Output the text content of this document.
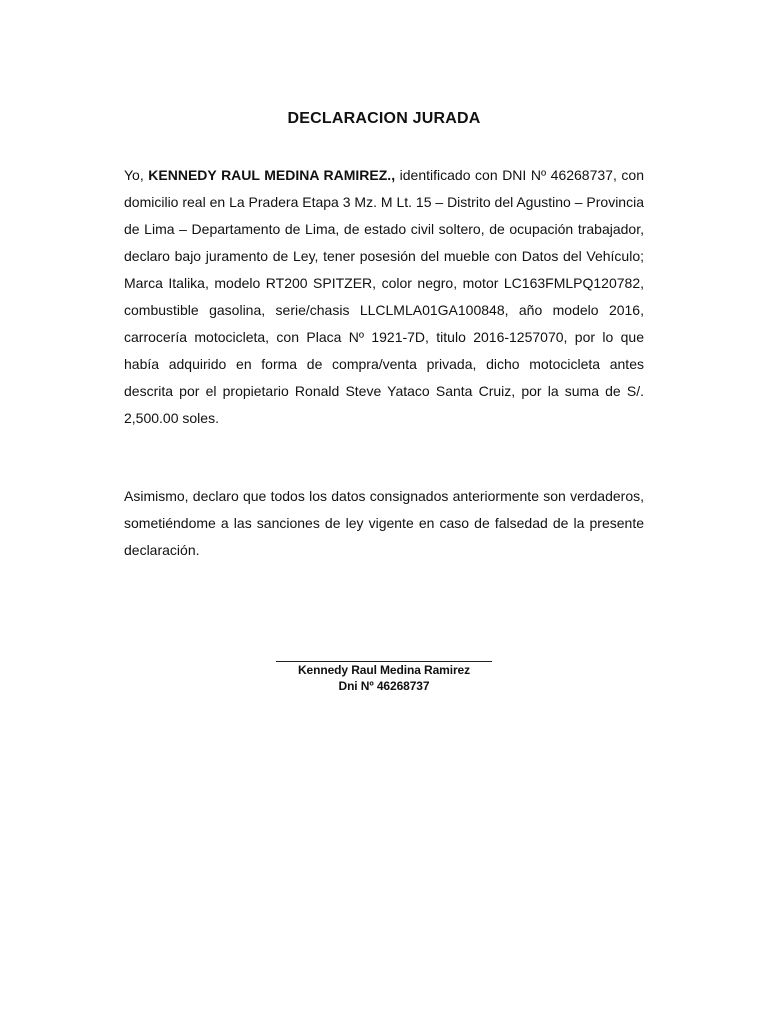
DECLARACION JURADA

Yo, KENNEDY RAUL MEDINA RAMIREZ., identificado con DNI Nº 46268737, con domicilio real en La Pradera Etapa 3 Mz. M Lt. 15 – Distrito del Agustino – Provincia de Lima – Departamento de Lima, de estado civil soltero, de ocupación trabajador, declaro bajo juramento de Ley, tener posesión del mueble con Datos del Vehículo; Marca Italika, modelo RT200 SPITZER, color negro, motor LC163FMLPQ120782, combustible gasolina, serie/chasis LLCLMLA01GA100848, año modelo 2016, carrocería motocicleta, con Placa Nº 1921-7D, titulo 2016-1257070, por lo que había adquirido en forma de compra/venta privada, dicho motocicleta antes descrita por el propietario Ronald Steve Yataco Santa Cruiz, por la suma de S/. 2,500.00 soles.

Asimismo, declaro que todos los datos consignados anteriormente son verdaderos, sometiéndome a las sanciones de ley vigente en caso de falsedad de la presente declaración.

Kennedy Raul Medina Ramirez
Dni Nº 46268737
